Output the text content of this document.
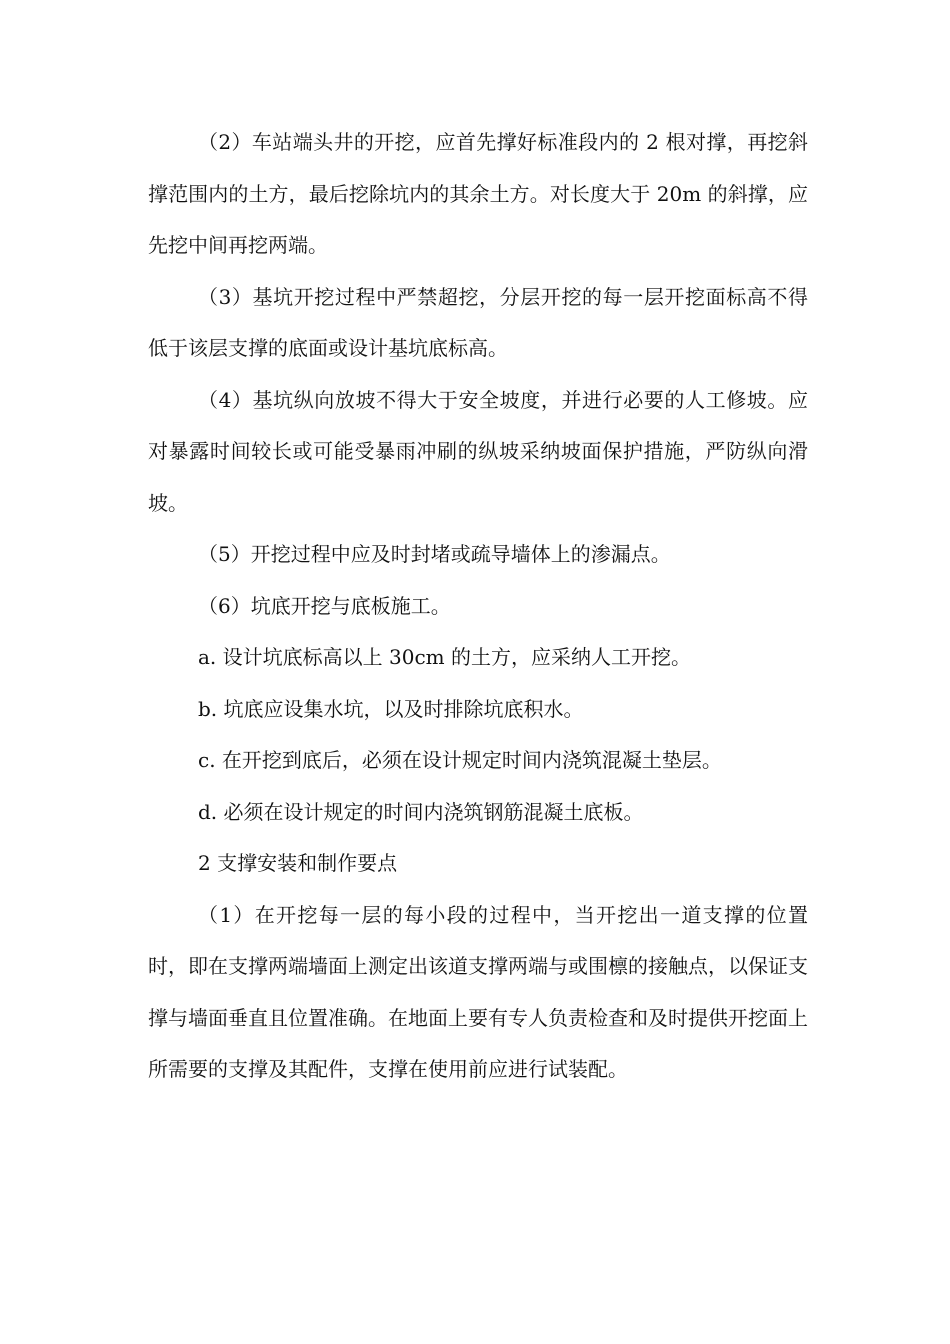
（2）车站端头井的开挖，应首先撑好标准段内的 2 根对撑，再挖斜撑范围内的土方，最后挖除坑内的其余土方。对长度大于 20m 的斜撑，应先挖中间再挖两端。

（3）基坑开挖过程中严禁超挖，分层开挖的每一层开挖面标高不得低于该层支撑的底面或设计基坑底标高。

（4）基坑纵向放坡不得大于安全坡度，并进行必要的人工修坡。应对暴露时间较长或可能受暴雨冲刷的纵坡采纳坡面保护措施，严防纵向滑坡。

（5）开挖过程中应及时封堵或疏导墙体上的渗漏点。

（6）坑底开挖与底板施工。

a. 设计坑底标高以上 30cm 的土方，应采纳人工开挖。

b. 坑底应设集水坑，以及时排除坑底积水。

c. 在开挖到底后，必须在设计规定时间内浇筑混凝土垫层。

d. 必须在设计规定的时间内浇筑钢筋混凝土底板。

2 支撑安装和制作要点

（1）在开挖每一层的每小段的过程中，当开挖出一道支撑的位置时，即在支撑两端墙面上测定出该道支撑两端与或围檩的接触点，以保证支撑与墙面垂直且位置准确。在地面上要有专人负责检查和及时提供开挖面上所需要的支撑及其配件，支撑在使用前应进行试装配。
